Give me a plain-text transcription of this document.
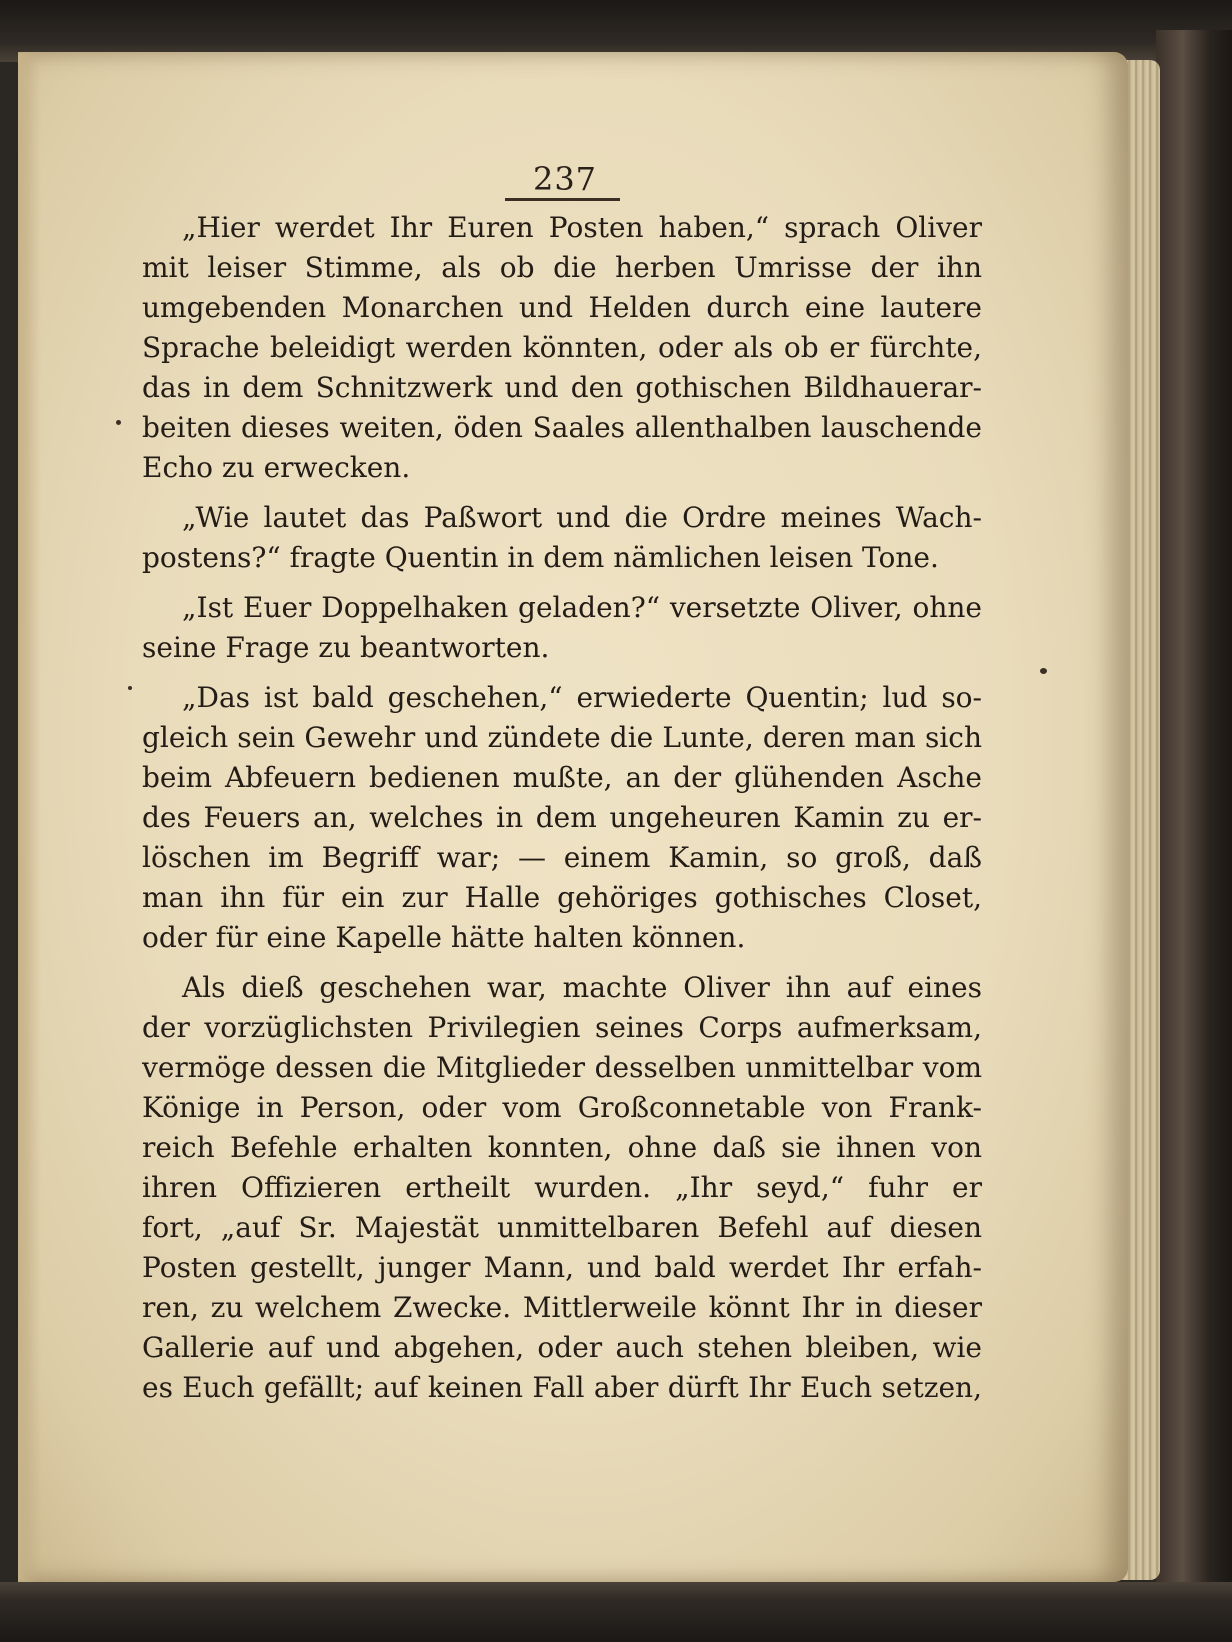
237
„Hier werdet Ihr Euren Posten haben,“ sprach Oliver
mit leiser Stimme, als ob die herben Umrisse der ihn
umgebenden Monarchen und Helden durch eine lautere
Sprache beleidigt werden könnten, oder als ob er fürchte,
das in dem Schnitzwerk und den gothischen Bildhauerar-
beiten dieses weiten, öden Saales allenthalben lauschende
Echo zu erwecken.
„Wie lautet das Paßwort und die Ordre meines Wach-
postens?“ fragte Quentin in dem nämlichen leisen Tone.
„Ist Euer Doppelhaken geladen?“ versetzte Oliver, ohne
seine Frage zu beantworten.
„Das ist bald geschehen,“ erwiederte Quentin; lud so-
gleich sein Gewehr und zündete die Lunte, deren man sich
beim Abfeuern bedienen mußte, an der glühenden Asche
des Feuers an, welches in dem ungeheuren Kamin zu er-
löschen im Begriff war; — einem Kamin, so groß, daß
man ihn für ein zur Halle gehöriges gothisches Closet,
oder für eine Kapelle hätte halten können.
Als dieß geschehen war, machte Oliver ihn auf eines
der vorzüglichsten Privilegien seines Corps aufmerksam,
vermöge dessen die Mitglieder desselben unmittelbar vom
Könige in Person, oder vom Großconnetable von Frank-
reich Befehle erhalten konnten, ohne daß sie ihnen von
ihren Offizieren ertheilt wurden. „Ihr seyd,“ fuhr er
fort, „auf Sr. Majestät unmittelbaren Befehl auf diesen
Posten gestellt, junger Mann, und bald werdet Ihr erfah-
ren, zu welchem Zwecke. Mittlerweile könnt Ihr in dieser
Gallerie auf und abgehen, oder auch stehen bleiben, wie
es Euch gefällt; auf keinen Fall aber dürft Ihr Euch setzen,
